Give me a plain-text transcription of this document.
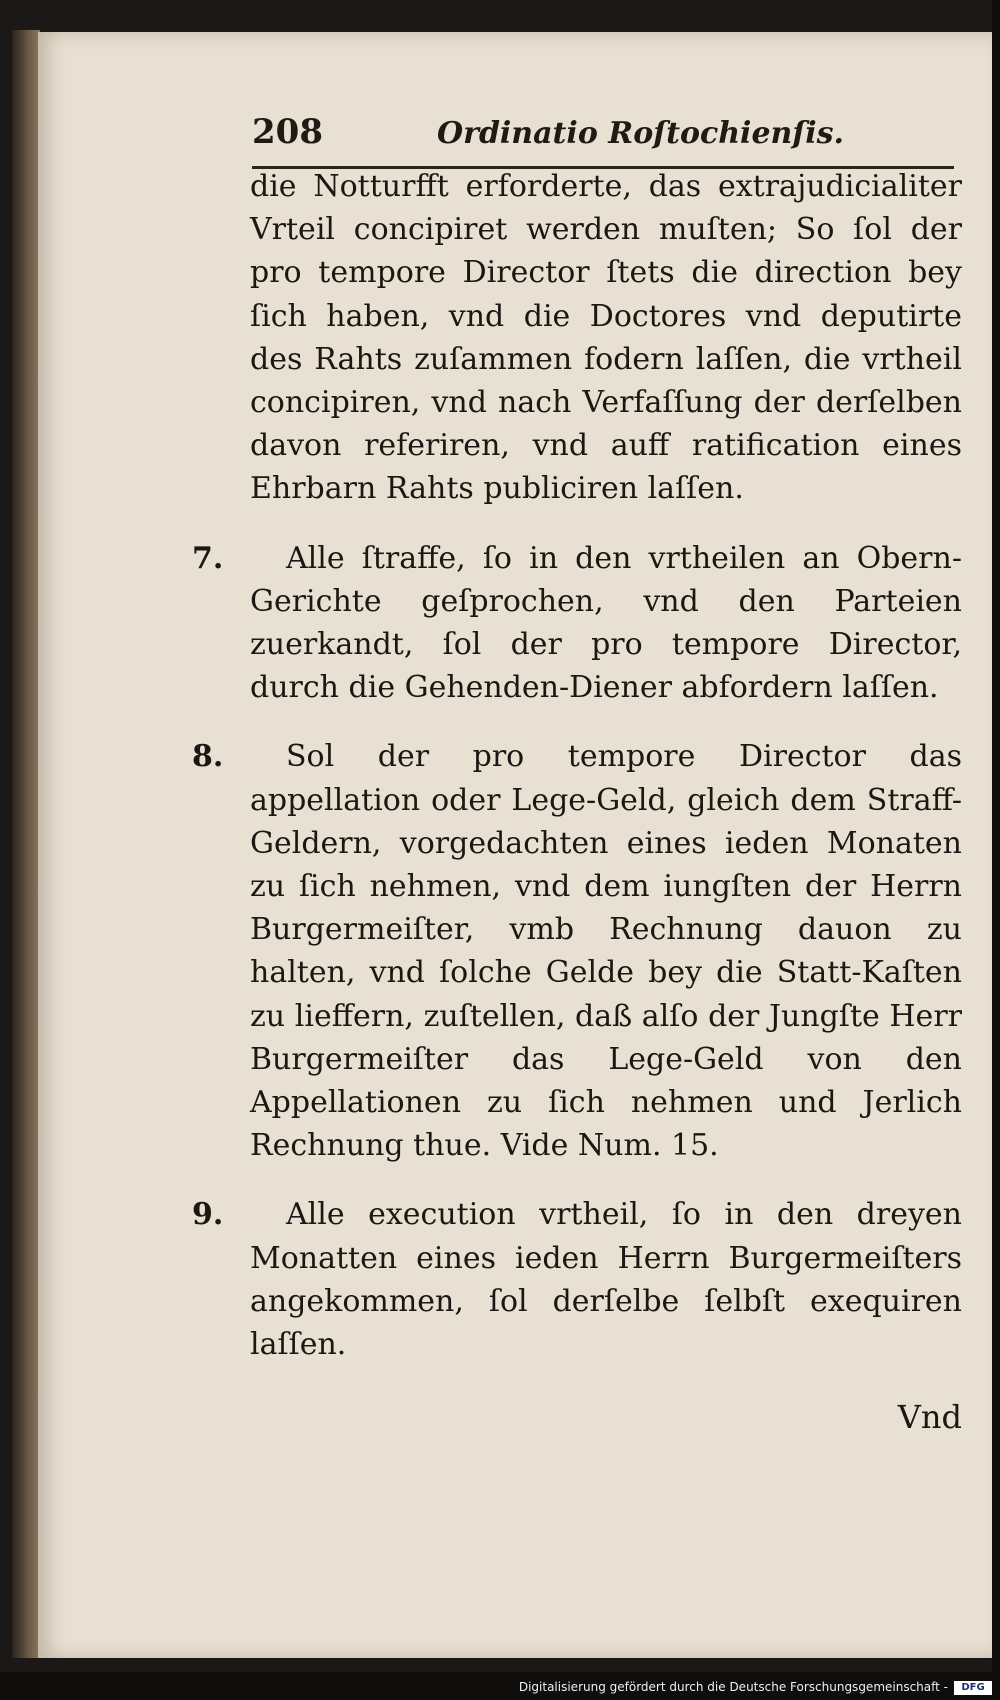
208	Ordinatio Roſtochienſis.

die Notturfft erforderte, das extrajudicialiter Vrteil concipiret werden muſten; So ſol der pro tempore Director ſtets die direction bey ſich haben, vnd die Doctores vnd deputirte des Rahts zuſammen fodern laſſen, die vrtheil concipiren, vnd nach Verfaſſung der derſelben davon referiren, vnd auff ratification eines Ehrbarn Rahts publiciren laſſen.

7.	Alle ſtraffe, ſo in den vrtheilen an Obern-Gerichte geſprochen, vnd den Parteien zuerkandt, ſol der pro tempore Director, durch die Gehenden-Diener abfordern laſſen.
8.	Sol der pro tempore Director das appellation oder Lege-Geld, gleich dem Straff-Geldern, vorgedachten eines ieden Monaten zu ſich nehmen, vnd dem iungſten der Herrn Burgermeiſter, vmb Rechnung dauon zu halten, vnd ſolche Gelde bey die Statt-Kaſten zu lieffern, zuſtellen, daß alſo der Jungſte Herr Burgermeiſter das Lege-Geld von den Appellationen zu ſich nehmen und Jerlich Rechnung thue. Vide Num. 15.
9.	Alle execution vrtheil, ſo in den dreyen Monatten eines ieden Herrn Burgermeiſters angekommen, ſol derſelbe ſelbſt exequiren laſſen.
Vnd
Digitalisierung gefördert durch die Deutsche Forschungsgemeinschaft -	DFG
